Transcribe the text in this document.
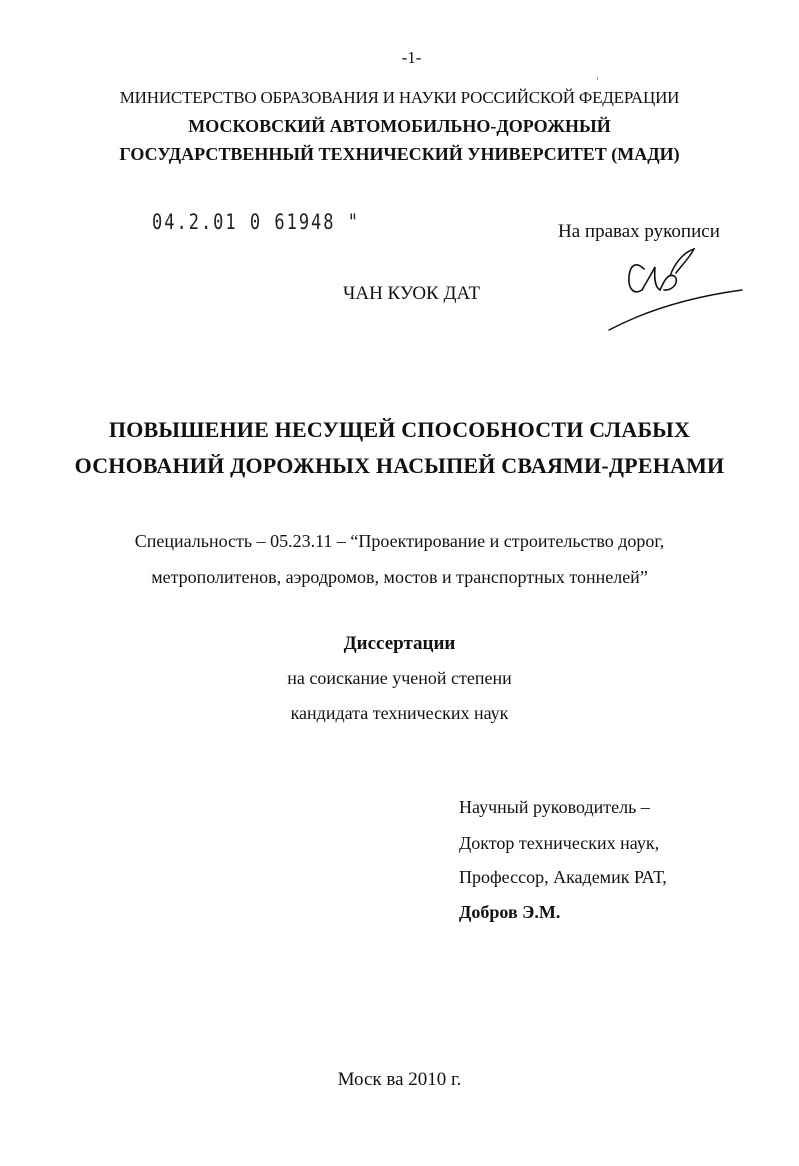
-1-
МИНИСТЕРСТВО ОБРАЗОВАНИЯ И НАУКИ РОССИЙСКОЙ ФЕДЕРАЦИИ
МОСКОВСКИЙ АВТОМОБИЛЬНО-ДОРОЖНЫЙ
ГОСУДАРСТВЕННЫЙ ТЕХНИЧЕСКИЙ УНИВЕРСИТЕТ (МАДИ)
04.2.01 0 61948 "	На правах рукописи
ЧАН КУОК ДАТ
ПОВЫШЕНИЕ НЕСУЩЕЙ СПОСОБНОСТИ СЛАБЫХ
ОСНОВАНИЙ ДОРОЖНЫХ НАСЫПЕЙ СВАЯМИ-ДРЕНАМИ
Специальность – 05.23.11 – “Проектирование и строительство дорог,
метрополитенов, аэродромов, мостов и транспортных тоннелей”
Диссертации
на соискание ученой степени
кандидата технических наук
Научный руководитель –
Доктор технических наук,
Профессор, Академик РАТ,
Добров Э.М.
Моск ва 2010 г.
